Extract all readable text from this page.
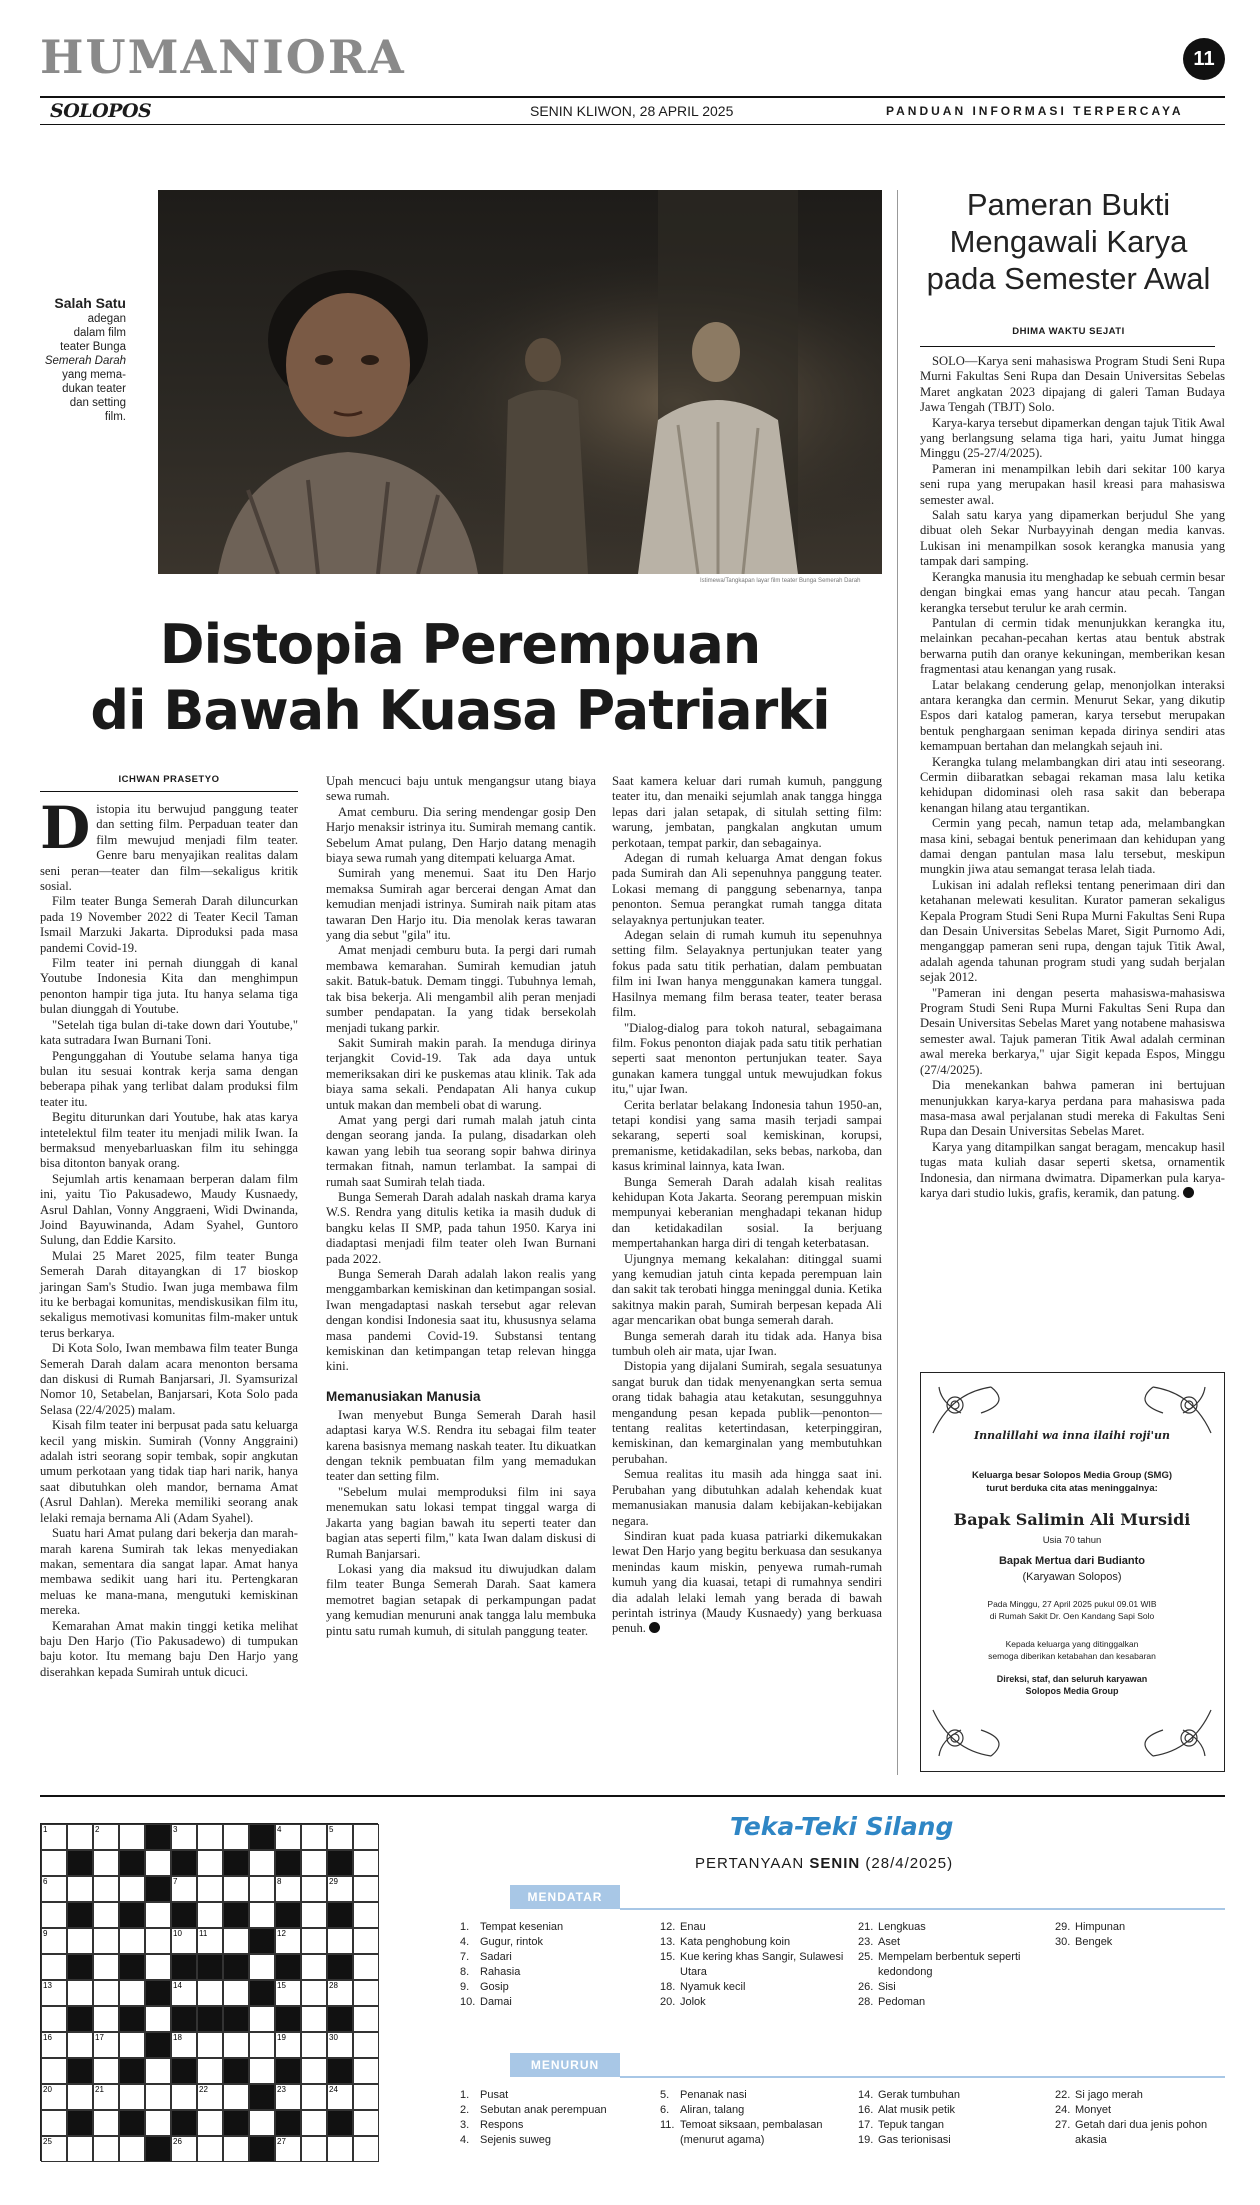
HUMANIORA	11
SOLOPOS	SENIN KLIWON, 28 APRIL 2025	PANDUAN INFORMASI TERPERCAYA
Istimewa/Tangkapan layar film teater Bunga Semerah Darah
Salah Satu
adegan
dalam film
teater Bunga
Semerah Darah
yang mema-
dukan teater
dan setting
film.
Distopia Perempuan
di Bawah Kuasa Patriarki
ICHWAN PRASETYO
D istopia itu berwujud panggung teater dan setting film. Perpaduan teater dan film mewujud menjadi film teater. Genre baru menyajikan realitas dalam seni peran—teater dan film—sekaligus kritik sosial.

Film teater Bunga Semerah Darah diluncurkan pada 19 November 2022 di Teater Kecil Taman Ismail Marzuki Jakarta. Diproduksi pada masa pandemi Covid-19.

Film teater ini pernah diunggah di kanal Youtube Indonesia Kita dan menghimpun penonton hampir tiga juta. Itu hanya selama tiga bulan diunggah di Youtube.

"Setelah tiga bulan di-take down dari Youtube," kata sutradara Iwan Burnani Toni.

Pengunggahan di Youtube selama hanya tiga bulan itu sesuai kontrak kerja sama dengan beberapa pihak yang terlibat dalam produksi film teater itu.

Begitu diturunkan dari Youtube, hak atas karya intetelektul film teater itu menjadi milik Iwan. Ia bermaksud menyebarluaskan film itu sehingga bisa ditonton banyak orang.

Sejumlah artis kenamaan berperan dalam film ini, yaitu Tio Pakusadewo, Maudy Kusnaedy, Asrul Dahlan, Vonny Anggraeni, Widi Dwinanda, Joind Bayuwinanda, Adam Syahel, Guntoro Sulung, dan Eddie Karsito.

Mulai 25 Maret 2025, film teater Bunga Semerah Darah ditayangkan di 17 bioskop jaringan Sam's Studio. Iwan juga membawa film itu ke berbagai komunitas, mendiskusikan film itu, sekaligus memotivasi komunitas film-maker untuk terus berkarya.

Di Kota Solo, Iwan membawa film teater Bunga Semerah Darah dalam acara menonton bersama dan diskusi di Rumah Banjarsari, Jl. Syamsurizal Nomor 10, Setabelan, Banjarsari, Kota Solo pada Selasa (22/4/2025) malam.

Kisah film teater ini berpusat pada satu keluarga kecil yang miskin. Sumirah (Vonny Anggraini) adalah istri seorang sopir tembak, sopir angkutan umum perkotaan yang tidak tiap hari narik, hanya saat dibutuhkan oleh mandor, bernama Amat (Asrul Dahlan). Mereka memiliki seorang anak lelaki remaja bernama Ali (Adam Syahel).

Suatu hari Amat pulang dari bekerja dan marah-marah karena Sumirah tak lekas menyediakan makan, sementara dia sangat lapar. Amat hanya membawa sedikit uang hari itu. Pertengkaran meluas ke mana-mana, mengutuki kemiskinan mereka.

Kemarahan Amat makin tinggi ketika melihat baju Den Harjo (Tio Pakusadewo) di tumpukan baju kotor. Itu memang baju Den Harjo yang diserahkan kepada Sumirah untuk dicuci.

Upah mencuci baju untuk mengangsur utang biaya sewa rumah.

Amat cemburu. Dia sering mendengar gosip Den Harjo menaksir istrinya itu. Sumirah memang cantik. Sebelum Amat pulang, Den Harjo datang menagih biaya sewa rumah yang ditempati keluarga Amat.

Sumirah yang menemui. Saat itu Den Harjo memaksa Sumirah agar bercerai dengan Amat dan kemudian menjadi istrinya. Sumirah naik pitam atas tawaran Den Harjo itu. Dia menolak keras tawaran yang dia sebut "gila" itu.

Amat menjadi cemburu buta. Ia pergi dari rumah membawa kemarahan. Sumirah kemudian jatuh sakit. Batuk-batuk. Demam tinggi. Tubuhnya lemah, tak bisa bekerja. Ali mengambil alih peran menjadi sumber pendapatan. Ia yang tidak bersekolah menjadi tukang parkir.

Sakit Sumirah makin parah. Ia menduga dirinya terjangkit Covid-19. Tak ada daya untuk memeriksakan diri ke puskemas atau klinik. Tak ada biaya sama sekali. Pendapatan Ali hanya cukup untuk makan dan membeli obat di warung.

Amat yang pergi dari rumah malah jatuh cinta dengan seorang janda. Ia pulang, disadarkan oleh kawan yang lebih tua seorang sopir bahwa dirinya termakan fitnah, namun terlambat. Ia sampai di rumah saat Sumirah telah tiada.

Bunga Semerah Darah adalah naskah drama karya W.S. Rendra yang ditulis ketika ia masih duduk di bangku kelas II SMP, pada tahun 1950. Karya ini diadaptasi menjadi film teater oleh Iwan Burnani pada 2022.

Bunga Semerah Darah adalah lakon realis yang menggambarkan kemiskinan dan ketimpangan sosial. Iwan mengadaptasi naskah tersebut agar relevan dengan kondisi Indonesia saat itu, khususnya selama masa pandemi Covid-19. Substansi tentang kemiskinan dan ketimpangan tetap relevan hingga kini.

Memanusiakan Manusia

Iwan menyebut Bunga Semerah Darah hasil adaptasi karya W.S. Rendra itu sebagai film teater karena basisnya memang naskah teater. Itu dikuatkan dengan teknik pembuatan film yang memadukan teater dan setting film.

"Sebelum mulai memproduksi film ini saya menemukan satu lokasi tempat tinggal warga di Jakarta yang bagian bawah itu seperti teater dan bagian atas seperti film," kata Iwan dalam diskusi di Rumah Banjarsari.

Lokasi yang dia maksud itu diwujudkan dalam film teater Bunga Semerah Darah. Saat kamera memotret bagian setapak di perkampungan padat yang kemudian menuruni anak tangga lalu membuka pintu satu rumah kumuh, di situlah panggung teater.

Saat kamera keluar dari rumah kumuh, panggung teater itu, dan menaiki sejumlah anak tangga hingga lepas dari jalan setapak, di situlah setting film: warung, jembatan, pangkalan angkutan umum perkotaan, tempat parkir, dan sebagainya.

Adegan di rumah keluarga Amat dengan fokus pada Sumirah dan Ali sepenuhnya panggung teater. Lokasi memang di panggung sebenarnya, tanpa penonton. Semua perangkat rumah tangga ditata selayaknya pertunjukan teater.

Adegan selain di rumah kumuh itu sepenuhnya setting film. Selayaknya pertunjukan teater yang fokus pada satu titik perhatian, dalam pembuatan film ini Iwan hanya menggunakan kamera tunggal. Hasilnya memang film berasa teater, teater berasa film.

"Dialog-dialog para tokoh natural, sebagaimana film. Fokus penonton diajak pada satu titik perhatian seperti saat menonton pertunjukan teater. Saya gunakan kamera tunggal untuk mewujudkan fokus itu," ujar Iwan.

Cerita berlatar belakang Indonesia tahun 1950-an, tetapi kondisi yang sama masih terjadi sampai sekarang, seperti soal kemiskinan, korupsi, premanisme, ketidakadilan, seks bebas, narkoba, dan kasus kriminal lainnya, kata Iwan.

Bunga Semerah Darah adalah kisah realitas kehidupan Kota Jakarta. Seorang perempuan miskin mempunyai keberanian menghadapi tekanan hidup dan ketidakadilan sosial. Ia berjuang mempertahankan harga diri di tengah keterbatasan.

Ujungnya memang kekalahan: ditinggal suami yang kemudian jatuh cinta kepada perempuan lain dan sakit tak terobati hingga meninggal dunia. Ketika sakitnya makin parah, Sumirah berpesan kepada Ali agar mencarikan obat bunga semerah darah.

Bunga semerah darah itu tidak ada. Hanya bisa tumbuh oleh air mata, ujar Iwan.

Distopia yang dijalani Sumirah, segala sesuatunya sangat buruk dan tidak menyenangkan serta semua orang tidak bahagia atau ketakutan, sesungguhnya mengandung pesan kepada publik—penonton—tentang realitas ketertindasan, keterpinggiran, kemiskinan, dan kemarginalan yang membutuhkan perubahan.

Semua realitas itu masih ada hingga saat ini. Perubahan yang dibutuhkan adalah kehendak kuat memanusiakan manusia dalam kebijakan-kebijakan negara.

Sindiran kuat pada kuasa patriarki dikemukakan lewat Den Harjo yang begitu berkuasa dan sesukanya menindas kaum miskin, penyewa rumah-rumah kumuh yang dia kuasai, tetapi di rumahnya sendiri dia adalah lelaki lemah yang berada di bawah perintah istrinya (Maudy Kusnaedy) yang berkuasa penuh.

Pameran Bukti
Mengawali Karya
pada Semester Awal
DHIMA WAKTU SEJATI

SOLO—Karya seni mahasiswa Program Studi Seni Rupa Murni Fakultas Seni Rupa dan Desain Universitas Sebelas Maret angkatan 2023 dipajang di galeri Taman Budaya Jawa Tengah (TBJT) Solo.

Karya-karya tersebut dipamerkan dengan tajuk Titik Awal yang berlangsung selama tiga hari, yaitu Jumat hingga Minggu (25-27/4/2025).

Pameran ini menampilkan lebih dari sekitar 100 karya seni rupa yang merupakan hasil kreasi para mahasiswa semester awal.

Salah satu karya yang dipamerkan berjudul She yang dibuat oleh Sekar Nurbayyinah dengan media kanvas. Lukisan ini menampilkan sosok kerangka manusia yang tampak dari samping.

Kerangka manusia itu menghadap ke sebuah cermin besar dengan bingkai emas yang hancur atau pecah. Tangan kerangka tersebut terulur ke arah cermin.

Pantulan di cermin tidak menunjukkan kerangka itu, melainkan pecahan-pecahan kertas atau bentuk abstrak berwarna putih dan oranye kekuningan, memberikan kesan fragmentasi atau kenangan yang rusak.

Latar belakang cenderung gelap, menonjolkan interaksi antara kerangka dan cermin. Menurut Sekar, yang dikutip Espos dari katalog pameran, karya tersebut merupakan bentuk penghargaan seniman kepada dirinya sendiri atas kemampuan bertahan dan melangkah sejauh ini.

Kerangka tulang melambangkan diri atau inti seseorang. Cermin diibaratkan sebagai rekaman masa lalu ketika kehidupan didominasi oleh rasa sakit dan beberapa kenangan hilang atau tergantikan.

Cermin yang pecah, namun tetap ada, melambangkan masa kini, sebagai bentuk penerimaan dan kehidupan yang damai dengan pantulan masa lalu tersebut, meskipun mungkin jiwa atau semangat terasa lelah tiada.

Lukisan ini adalah refleksi tentang penerimaan diri dan ketahanan melewati kesulitan. Kurator pameran sekaligus Kepala Program Studi Seni Rupa Murni Fakultas Seni Rupa dan Desain Universitas Sebelas Maret, Sigit Purnomo Adi, menganggap pameran seni rupa, dengan tajuk Titik Awal, adalah agenda tahunan program studi yang sudah berjalan sejak 2012.

"Pameran ini dengan peserta mahasiswa-mahasiswa Program Studi Seni Rupa Murni Fakultas Seni Rupa dan Desain Universitas Sebelas Maret yang notabene mahasiswa semester awal. Tajuk pameran Titik Awal adalah cerminan awal mereka berkarya," ujar Sigit kepada Espos, Minggu (27/4/2025).

Dia menekankan bahwa pameran ini bertujuan menunjukkan karya-karya perdana para mahasiswa pada masa-masa awal perjalanan studi mereka di Fakultas Seni Rupa dan Desain Universitas Sebelas Maret.

Karya yang ditampilkan sangat beragam, mencakup hasil tugas mata kuliah dasar seperti sketsa, ornamentik Indonesia, dan nirmana dwimatra. Dipamerkan pula karya-karya dari studio lukis, grafis, keramik, dan patung.

Innalillahi wa inna ilaihi roji'un
Keluarga besar Solopos Media Group (SMG)
turut berduka cita atas meninggalnya:
Bapak Salimin Ali Mursidi
Usia 70 tahun
Bapak Mertua dari Budianto
(Karyawan Solopos)
Pada Minggu, 27 April 2025 pukul 09.01 WIB
di Rumah Sakit Dr. Oen Kandang Sapi Solo
Kepada keluarga yang ditinggalkan
semoga diberikan ketabahan dan kesabaran
Direksi, staf, dan seluruh karyawan
Solopos Media Group
1	2	3	4	5
6	7	8
9	10 11	12
13	14	15
16	17	18	19
20	21	22	23	24
25	26	27
28
29
30
Teka-Teki Silang
PERTANYAAN SENIN (28/4/2025)
MENDATAR
1. Tempat kesenian
4. Gugur, rintok
7. Sadari
8. Rahasia
9. Gosip
10. Damai
12. Enau
13. Kata penghobung koin
15. Kue kering khas Sangir, Sulawesi Utara
18. Nyamuk kecil
20. Jolok
21. Lengkuas
23. Aset
25. Mempelam berbentuk seperti kedondong
26. Sisi
28. Pedoman
29. Himpunan
30. Bengek
MENURUN
1. Pusat
2. Sebutan anak perempuan
3. Respons
4. Sejenis suweg
5. Penanak nasi
6. Aliran, talang
11. Temoat siksaan, pembalasan (menurut agama)
14. Gerak tumbuhan
16. Alat musik petik
17. Tepuk tangan
19. Gas terionisasi
22. Si jago merah
24. Monyet
27. Getah dari dua jenis pohon akasia
